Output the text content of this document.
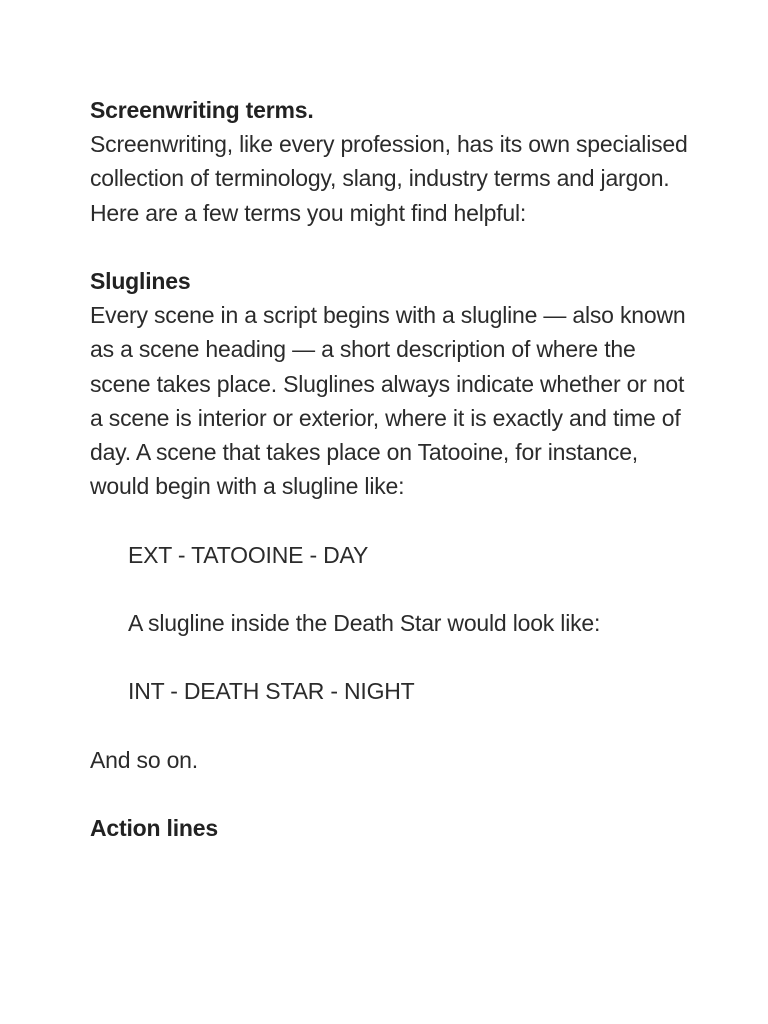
Screenwriting terms.

Screenwriting, like every profession, has its own specialised collection of terminology, slang, industry terms and jargon. Here are a few terms you might find helpful:

Sluglines

Every scene in a script begins with a slugline — also known as a scene heading — a short description of where the scene takes place. Sluglines always indicate whether or not a scene is interior or exterior, where it is exactly and time of day. A scene that takes place on Tatooine, for instance, would begin with a slugline like:

EXT - TATOOINE - DAY

A slugline inside the Death Star would look like:

INT - DEATH STAR - NIGHT

And so on.

Action lines
